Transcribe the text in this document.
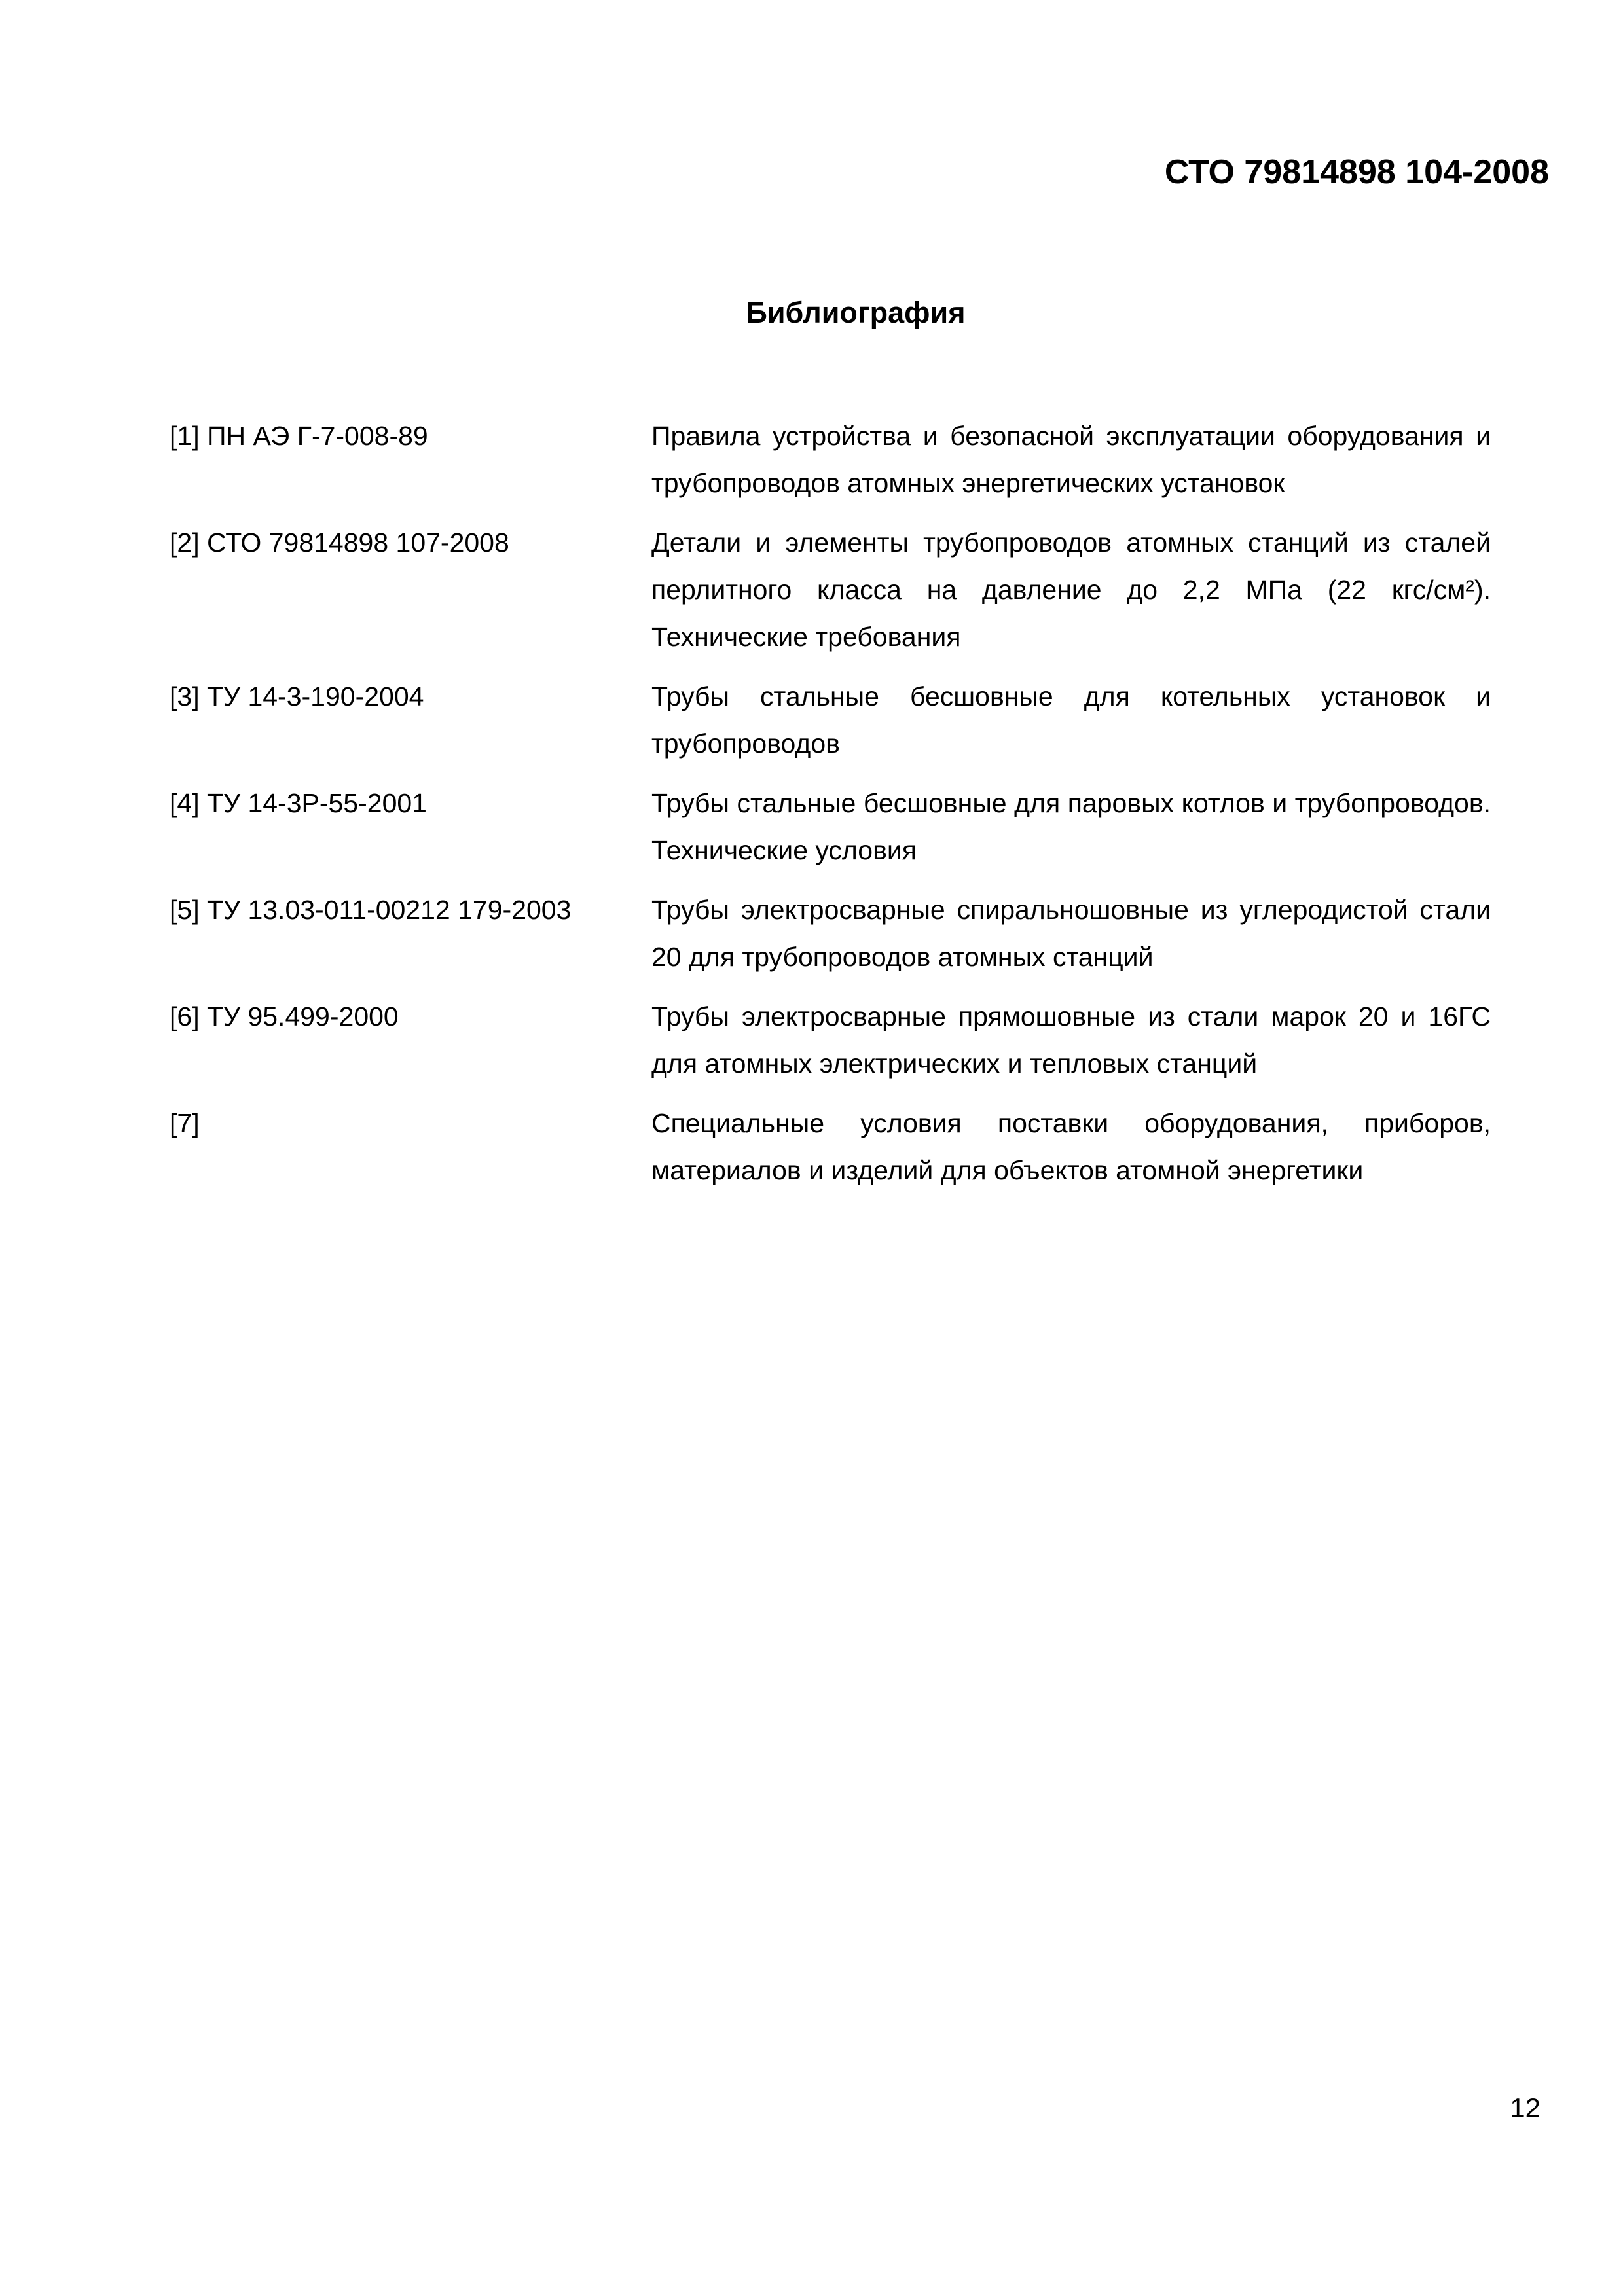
СТО 79814898 104-2008
Библиография
[1] ПН АЭ Г-7-008-89	Правила устройства и безопасной эксплуатации оборудования и трубопроводов атомных энергетических установок
[2] СТО 79814898 107-2008	Детали и элементы трубопроводов атомных станций из сталей перлитного класса на давление до 2,2 МПа (22 кгс/см²). Технические требования
[3] ТУ 14-3-190-2004	Трубы стальные бесшовные для котельных установок и трубопроводов
[4] ТУ 14-3Р-55-2001	Трубы стальные бесшовные для паровых котлов и трубопроводов. Технические условия
[5] ТУ 13.03-011-00212 179-2003	Трубы электросварные спиральношовные из углеродистой стали 20 для трубопроводов атомных станций
[6] ТУ 95.499-2000	Трубы электросварные прямошовные из стали марок 20 и 16ГС для атомных электрических и тепловых станций
[7]	Специальные условия поставки оборудования, приборов, материалов и изделий для объектов атомной энергетики
12
